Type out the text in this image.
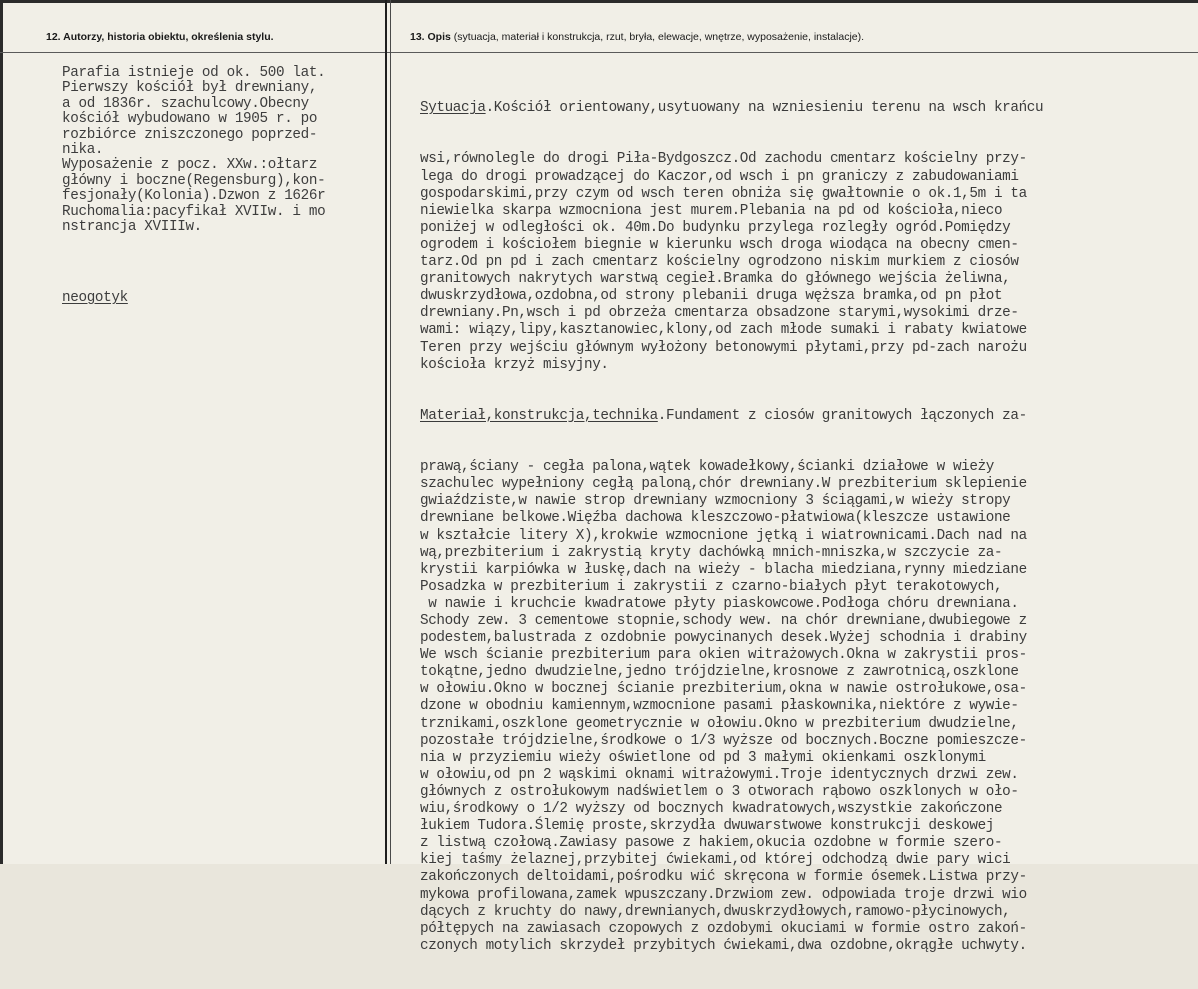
12. Autorzy, historia obiektu, określenia stylu.	13. Opis (sytuacja, materiał i konstrukcja, rzut, bryła, elewacje, wnętrze, wyposażenie, instalacje).
Parafia istnieje od ok. 500 lat.
Pierwszy kościół był drewniany,
a od 1836r. szachulcowy.Obecny
kościół wybudowano w 1905 r. po
rozbiórce zniszczonego poprzed-
nika.
Wyposażenie z pocz. XXw.:ołtarz
główny i boczne(Regensburg),kon-
fesjonały(Kolonia).Dzwon z 1626r
Ruchomalia:pacyfikał XVIIw. i mo
nstrancja XVIIIw.
neogotyk

Sytuacja.Kościół orientowany,usytuowany na wzniesieniu terenu na wsch krańcu

wsi,równolegle do drogi Piła-Bydgoszcz.Od zachodu cmentarz kościelny przy-
lega do drogi prowadzącej do Kaczor,od wsch i pn graniczy z zabudowaniami
gospodarskimi,przy czym od wsch teren obniża się gwałtownie o ok.1,5m i ta
niewielka skarpa wzmocniona jest murem.Plebania na pd od kościoła,nieco
poniżej w odległości ok. 40m.Do budynku przylega rozległy ogród.Pomiędzy
ogrodem i kościołem biegnie w kierunku wsch droga wiodąca na obecny cmen-
tarz.Od pn pd i zach cmentarz kościelny ogrodzono niskim murkiem z ciosów
granitowych nakrytych warstwą cegieł.Bramka do głównego wejścia żeliwna,
dwuskrzydłowa,ozdobna,od strony plebanii druga węższa bramka,od pn płot
drewniany.Pn,wsch i pd obrzeża cmentarza obsadzone starymi,wysokimi drze-
wami: wiązy,lipy,kasztanowiec,klony,od zach młode sumaki i rabaty kwiatowe
Teren przy wejściu głównym wyłożony betonowymi płytami,przy pd-zach narożu
kościoła krzyż misyjny.

Materiał,konstrukcja,technika.Fundament z ciosów granitowych łączonych za-

prawą,ściany - cegła palona,wątek kowadełkowy,ścianki działowe w wieży
szachulec wypełniony cegłą paloną,chór drewniany.W prezbiterium sklepienie
gwiaździste,w nawie strop drewniany wzmocniony 3 ściągami,w wieży stropy
drewniane belkowe.Więźba dachowa kleszczowo-płatwiowa(kleszcze ustawione
w kształcie litery X),krokwie wzmocnione jętką i wiatrownicami.Dach nad na
wą,prezbiterium i zakrystią kryty dachówką mnich-mniszka,w szczycie za-
krystii karpiówka w łuskę,dach na wieży - blacha miedziana,rynny miedziane
Posadzka w prezbiterium i zakrystii z czarno-białych płyt terakotowych,
w nawie i kruchcie kwadratowe płyty piaskowcowe.Podłoga chóru drewniana.
Schody zew. 3 cementowe stopnie,schody wew. na chór drewniane,dwubiegowe z
podestem,balustrada z ozdobnie powycinanych desek.Wyżej schodnia i drabiny
We wsch ścianie prezbiterium para okien witrażowych.Okna w zakrystii pros-
tokątne,jedno dwudzielne,jedno trójdzielne,krosnowe z zawrotnicą,oszklone
w ołowiu.Okno w bocznej ścianie prezbiterium,okna w nawie ostrołukowe,osa-
dzone w obodniu kamiennym,wzmocnione pasami płaskownika,niektóre z wywie-
trznikami,oszklone geometrycznie w ołowiu.Okno w prezbiterium dwudzielne,
pozostałe trójdzielne,środkowe o 1/3 wyższe od bocznych.Boczne pomieszcze-
nia w przyziemiu wieży oświetlone od pd 3 małymi okienkami oszklonymi
w ołowiu,od pn 2 wąskimi oknami witrażowymi.Troje identycznych drzwi zew.
głównych z ostrołukowym nadświetlem o 3 otworach rąbowo oszklonych w oło-
wiu,środkowy o 1/2 wyższy od bocznych kwadratowych,wszystkie zakończone
łukiem Tudora.Ślemię proste,skrzydła dwuwarstwowe konstrukcji deskowej
z listwą czołową.Zawiasy pasowe z hakiem,okucia ozdobne w formie szero-
kiej taśmy żelaznej,przybitej ćwiekami,od której odchodzą dwie pary wici
zakończonych deltoidami,pośrodku wić skręcona w formie ósemek.Listwa przy-
mykowa profilowana,zamek wpuszczany.Drzwiom zew. odpowiada troje drzwi wio
dących z kruchty do nawy,drewnianych,dwuskrzydłowych,ramowo-płycinowych,
półtępych na zawiasach czopowych z ozdobymi okuciami w formie ostro zakoń-
czonych motylich skrzydeł przybitych ćwiekami,dwa ozdobne,okrągłe uchwyty.
